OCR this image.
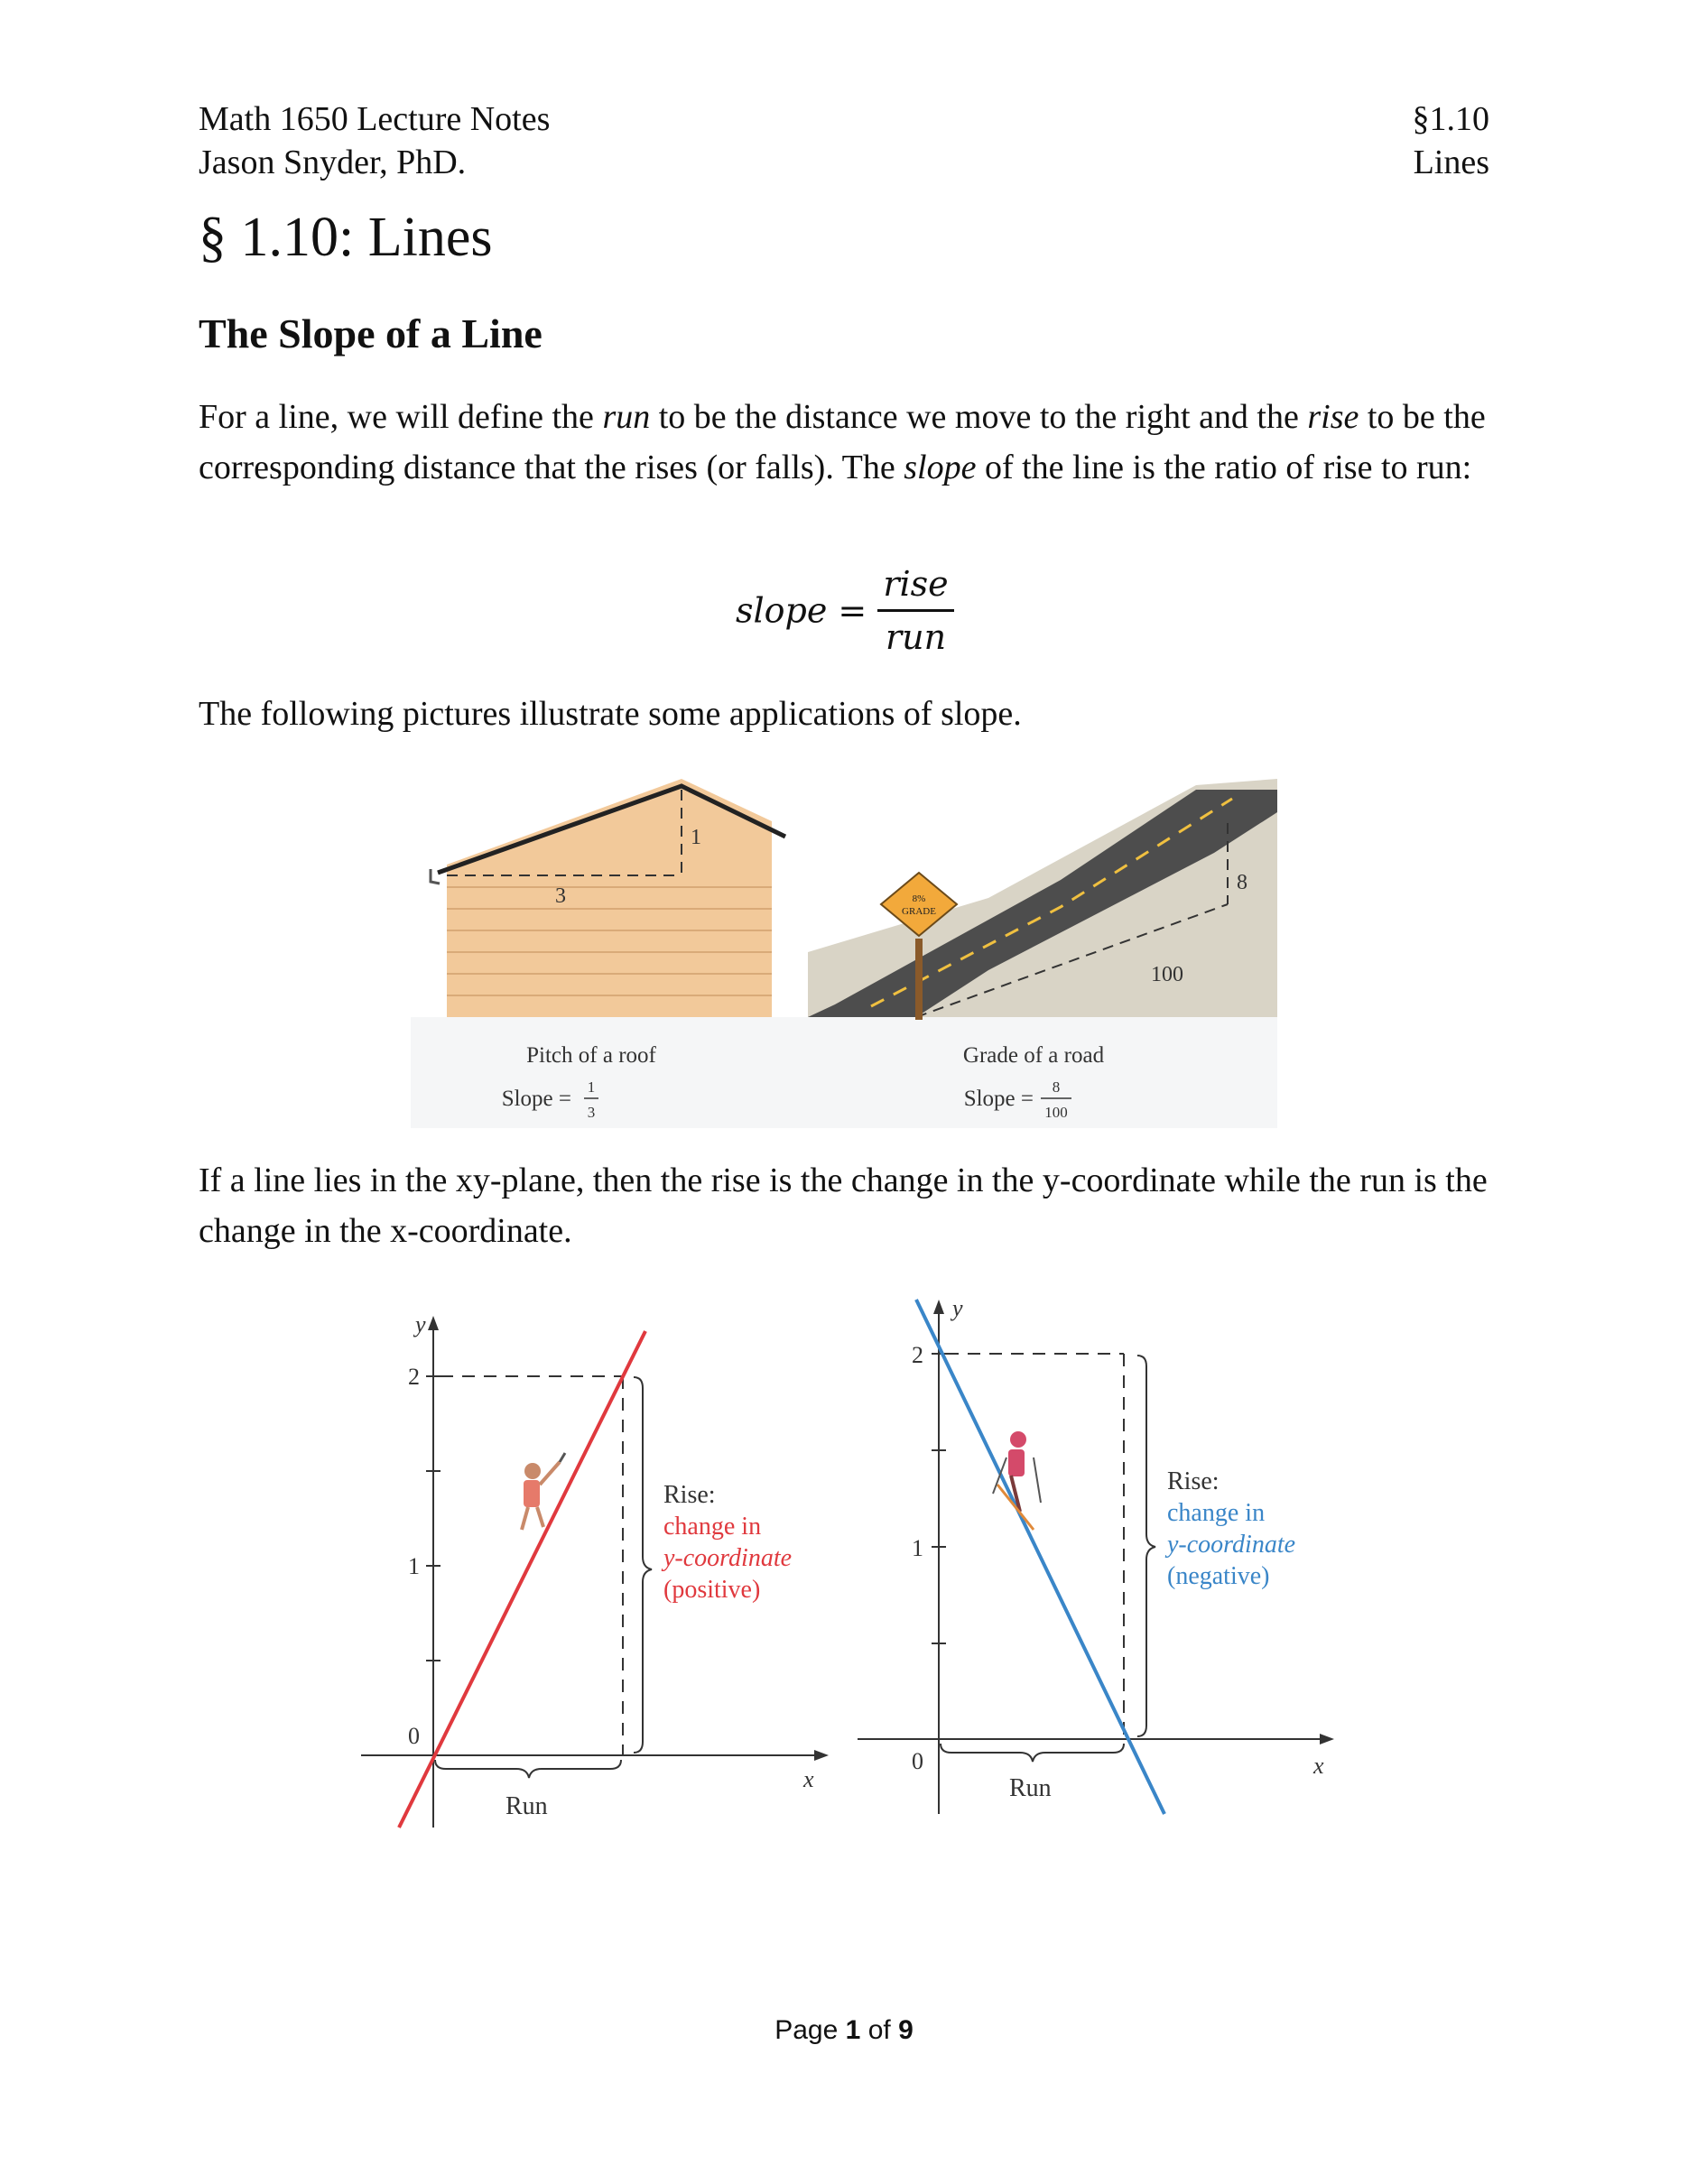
Math 1650 Lecture Notes
Jason Snyder, PhD.
§1.10
Lines
§ 1.10: Lines
The Slope of a Line
For a line, we will define the run to be the distance we move to the right and the rise to be the corresponding distance that the rises (or falls). The slope of the line is the ratio of rise to run:
slope = $\frac{\text{rise}}{\text{run}}$
The following pictures illustrate some applications of slope.
1
3
8
100
8%
GRADE
Pitch of a roof
Slope = 1
3
Grade of a road
Slope = 8
100
If a line lies in the xy-plane, then the rise is the change in the y-coordinate while the run is the change in the x-coordinate.
y
x
2
1
0
Rise:
change in
y-coordinate
(positive)
Run
y
x
2
1
0
Rise:
change in
y-coordinate
(negative)
Run
Page 1 of 9
